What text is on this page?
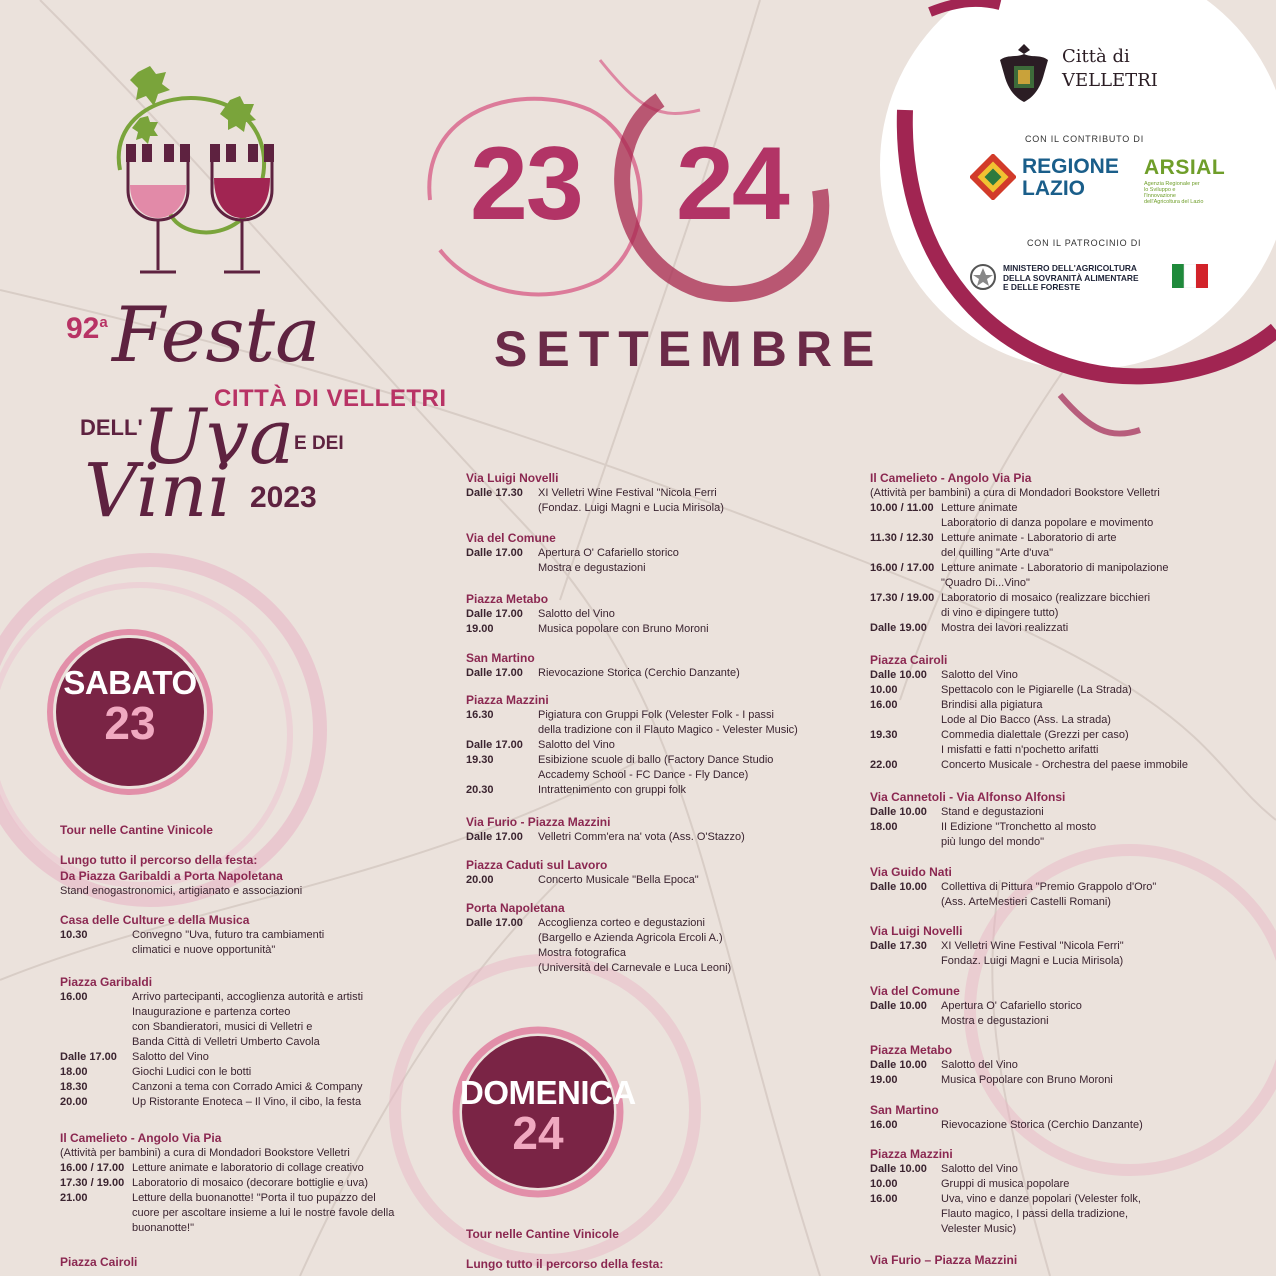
92$^a$ Festa
CITTÀ DI VELLETRI
DELL' Uva E DEI
Vini 2023
23 24
SETTEMBRE
Città di
VELLETRI
CON IL CONTRIBUTO DI
REGIONE
LAZIO
ARSIAL
Agenzia Regionale per lo Sviluppo e l'Innovazione dell'Agricoltura del Lazio
CON IL PATROCINIO DI
MINISTERO DELL'AGRICOLTURA
DELLA SOVRANITÀ ALIMENTARE
E DELLE FORESTE
SABATO
23
DOMENICA
24
Tour nelle Cantine Vinicole
Lungo tutto il percorso della festa:
Da Piazza Garibaldi a Porta Napoletana
Stand enogastronomici, artigianato e associazioni
Casa delle Culture e della Musica
10.30	Convegno "Uva, futuro tra cambiamenti
climatici e nuove opportunità"
Piazza Garibaldi
16.00	Arrivo partecipanti, accoglienza autorità e artisti
Inaugurazione e partenza corteo
con Sbandieratori, musici di Velletri e
Banda Città di Velletri Umberto Cavola
Dalle 17.00	Salotto del Vino
18.00	Giochi Ludici con le botti
18.30	Canzoni a tema con Corrado Amici & Company
20.00	Up Ristorante Enoteca – Il Vino, il cibo, la festa
Il Camelieto - Angolo Via Pia
(Attività per bambini) a cura di Mondadori Bookstore Velletri
16.00 / 17.00 Letture animate e laboratorio di collage creativo
17.30 / 19.00 Laboratorio di mosaico (decorare bottiglie e uva)
21.00	Letture della buonanotte! "Porta il tuo pupazzo del
cuore per ascoltare insieme a lui le nostre favole della
buonanotte!"
Piazza Cairoli
Via Luigi Novelli
Dalle 17.30	XI Velletri Wine Festival "Nicola Ferri
(Fondaz. Luigi Magni e Lucia Mirisola)
Via del Comune
Dalle 17.00	Apertura O' Cafariello storico
Mostra e degustazioni
Piazza Metabo
Dalle 17.00	Salotto del Vino
19.00	Musica popolare con Bruno Moroni
San Martino
Dalle 17.00	Rievocazione Storica (Cerchio Danzante)
Piazza Mazzini
16.30	Pigiatura con Gruppi Folk (Velester Folk - I passi
della tradizione con il Flauto Magico - Velester Music)
Dalle 17.00	Salotto del Vino
19.30	Esibizione scuole di ballo (Factory Dance Studio
Accademy School - FC Dance - Fly Dance)
20.30	Intrattenimento con gruppi folk
Via Furio - Piazza Mazzini
Dalle 17.00	Velletri Comm'era na' vota (Ass. O'Stazzo)
Piazza Caduti sul Lavoro
20.00	Concerto Musicale "Bella Epoca"
Porta Napoletana
Dalle 17.00	Accoglienza corteo e degustazioni
(Bargello e Azienda Agricola Ercoli A.)
Mostra fotografica
(Università del Carnevale e Luca Leoni)
Tour nelle Cantine Vinicole
Lungo tutto il percorso della festa:
Il Camelieto - Angolo Via Pia
(Attività per bambini) a cura di Mondadori Bookstore Velletri
10.00 / 11.00 Letture animate
Laboratorio di danza popolare e movimento
11.30 / 12.30 Letture animate - Laboratorio di arte
del quilling "Arte d'uva"
16.00 / 17.00 Letture animate - Laboratorio di manipolazione
"Quadro Di...Vino"
17.30 / 19.00 Laboratorio di mosaico (realizzare bicchieri
di vino e dipingere tutto)
Dalle 19.00	Mostra dei lavori realizzati
Piazza Cairoli
Dalle 10.00	Salotto del Vino
10.00	Spettacolo con le Pigiarelle (La Strada)
16.00	Brindisi alla pigiatura
Lode al Dio Bacco (Ass. La strada)
19.30	Commedia dialettale (Grezzi per caso)
I misfatti e fatti n'pochetto arifatti
22.00	Concerto Musicale - Orchestra del paese immobile
Via Cannetoli - Via Alfonso Alfonsi
Dalle 10.00	Stand e degustazioni
18.00	II Edizione "Tronchetto al mosto
più lungo del mondo"
Via Guido Nati
Dalle 10.00	Collettiva di Pittura "Premio Grappolo d'Oro"
(Ass. ArteMestieri Castelli Romani)
Via Luigi Novelli
Dalle 17.30	XI Velletri Wine Festival "Nicola Ferri"
Fondaz. Luigi Magni e Lucia Mirisola)
Via del Comune
Dalle 10.00	Apertura O' Cafariello storico
Mostra e degustazioni
Piazza Metabo
Dalle 10.00	Salotto del Vino
19.00	Musica Popolare con Bruno Moroni
San Martino
16.00	Rievocazione Storica (Cerchio Danzante)
Piazza Mazzini
Dalle 10.00	Salotto del Vino
10.00	Gruppi di musica popolare
16.00	Uva, vino e danze popolari (Velester folk,
Flauto magico, I passi della tradizione,
Velester Music)
Via Furio – Piazza Mazzini
